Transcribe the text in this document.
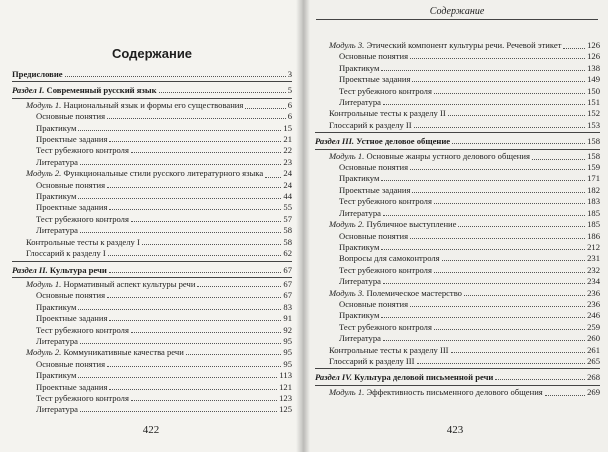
Содержание
Предисловие	3
Раздел I. Современный русский язык	5
Модуль 1. Национальный язык и формы его существования	6
Основные понятия	6
Практикум	15
Проектные задания	21
Тест рубежного контроля	22
Литература	23
Модуль 2. Функциональные стили русского литературного языка 24
Основные понятия	24
Практикум	44
Проектные задания	55
Тест рубежного контроля	57
Литература	58
Контрольные тесты к разделу I	58
Глоссарий к разделу I	62
Раздел II. Культура речи	67
Модуль 1. Нормативный аспект культуры речи	67
Основные понятия	67
Практикум	83
Проектные задания	91
Тест рубежного контроля	92
Литература	95
Модуль 2. Коммуникативные качества речи	95
Основные понятия	95
Практикум	113
Проектные задания	121
Тест рубежного контроля	123
Литература	125
422
Содержание
Модуль 3. Этический компонент культуры речи. Речевой этикет	126
Основные понятия	126
Практикум	138
Проектные задания	149
Тест рубежного контроля	150
Литература	151
Контрольные тесты к разделу II	152
Глоссарий к разделу II	153
Раздел III. Устное деловое общение	158
Модуль 1. Основные жанры устного делового общения	158
Основные понятия	159
Практикум	171
Проектные задания	182
Тест рубежного контроля	183
Литература	185
Модуль 2. Публичное выступление	185
Основные понятия	186
Практикум	212
Вопросы для самоконтроля	231
Тест рубежного контроля	232
Литература	234
Модуль 3. Полемическое мастерство	236
Основные понятия	236
Практикум	246
Тест рубежного контроля	259
Литература	260
Контрольные тесты к разделу III	261
Глоссарий к разделу III	265
Раздел IV. Культура деловой письменной речи	268
Модуль 1. Эффективность письменного делового общения	269
423
